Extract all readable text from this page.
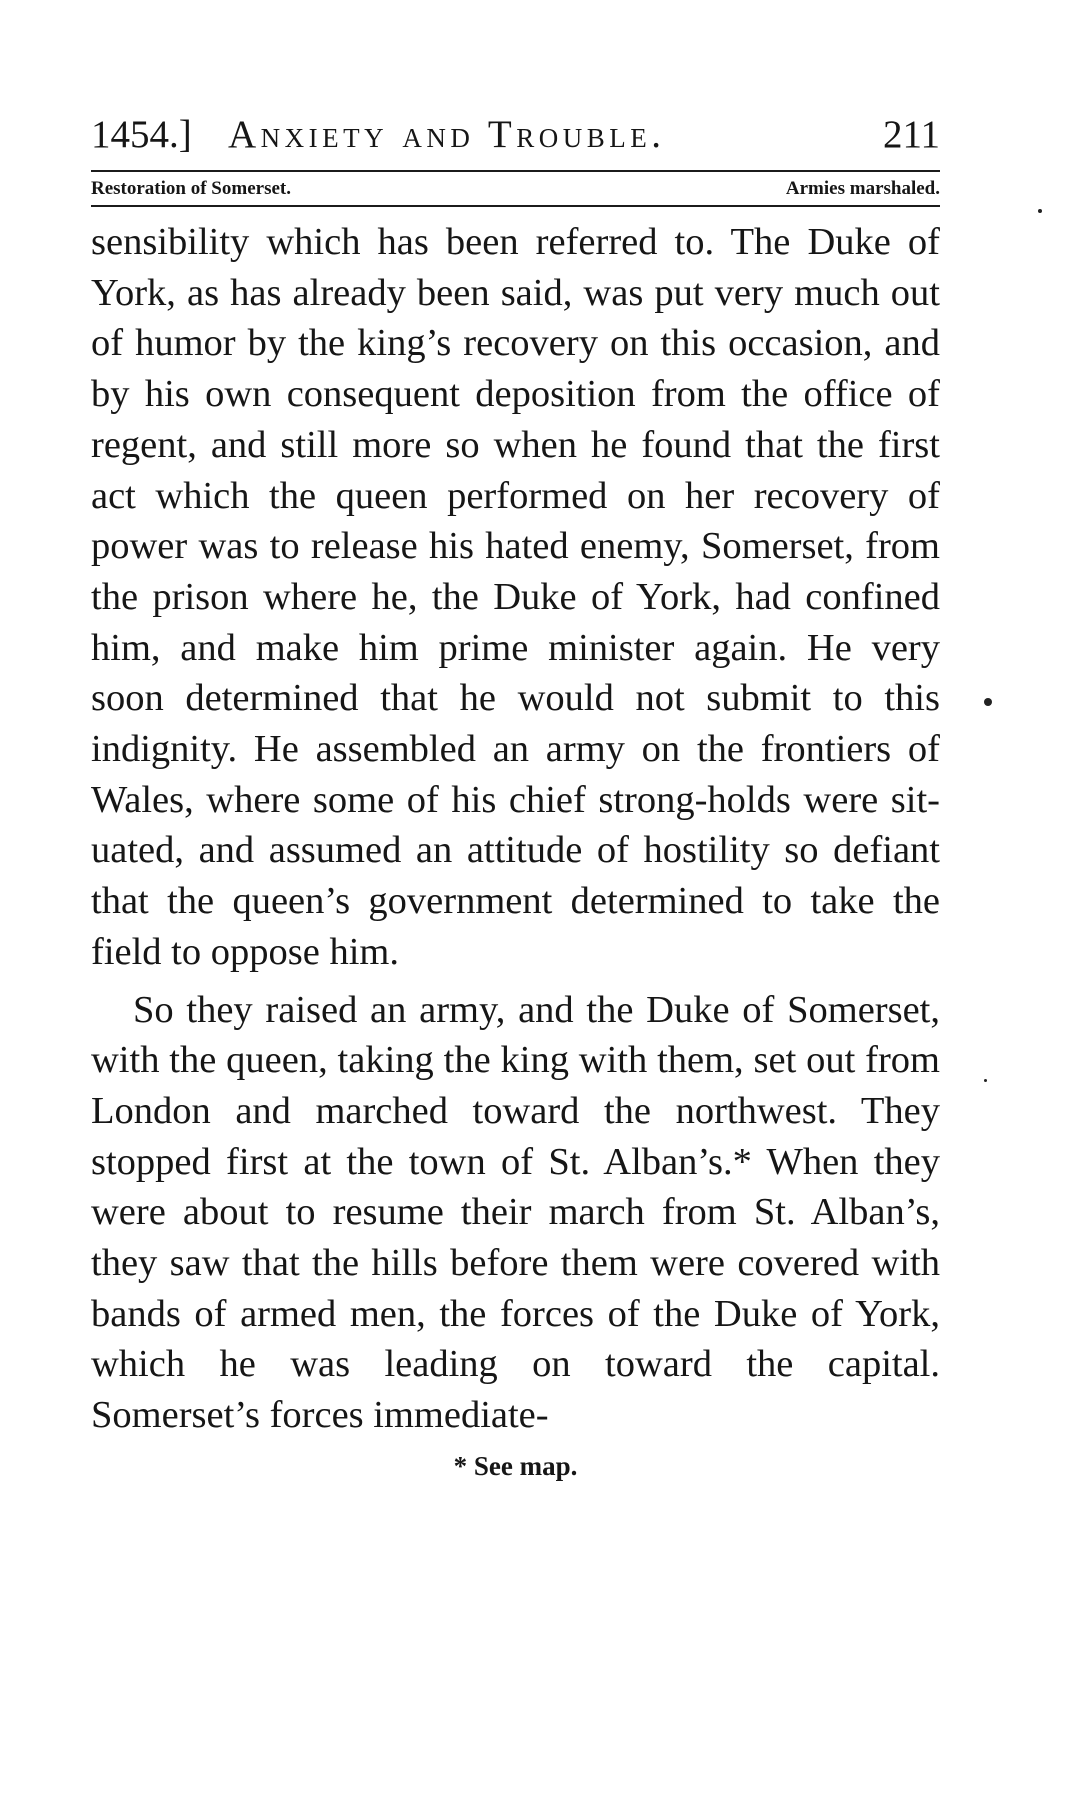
1454.] Anxiety and Trouble.	211
Restoration of Somerset.	Armies marshaled.

sensibility which has been referred to. The Duke of York, as has already been said, was put very much out of humor by the king’s recovery on this occasion, and by his own consequent deposition from the office of regent, and still more so when he found that the first act which the queen performed on her recovery of power was to release his hated enemy, Somerset, from the prison where he, the Duke of York, had confined him, and make him prime minister again. He very soon determined that he would not submit to this indignity. He assembled an army on the frontiers of Wales, where some of his chief strong-holds were situated, and assumed an attitude of hostility so defiant that the queen’s government determined to take the field to oppose him.

So they raised an army, and the Duke of Somerset, with the queen, taking the king with them, set out from London and marched toward the northwest. They stopped first at the town of St. Alban’s.* When they were about to resume their march from St. Alban’s, they saw that the hills before them were covered with bands of armed men, the forces of the Duke of York, which he was leading on toward the capital. Somerset’s forces immediate-

* See map.
